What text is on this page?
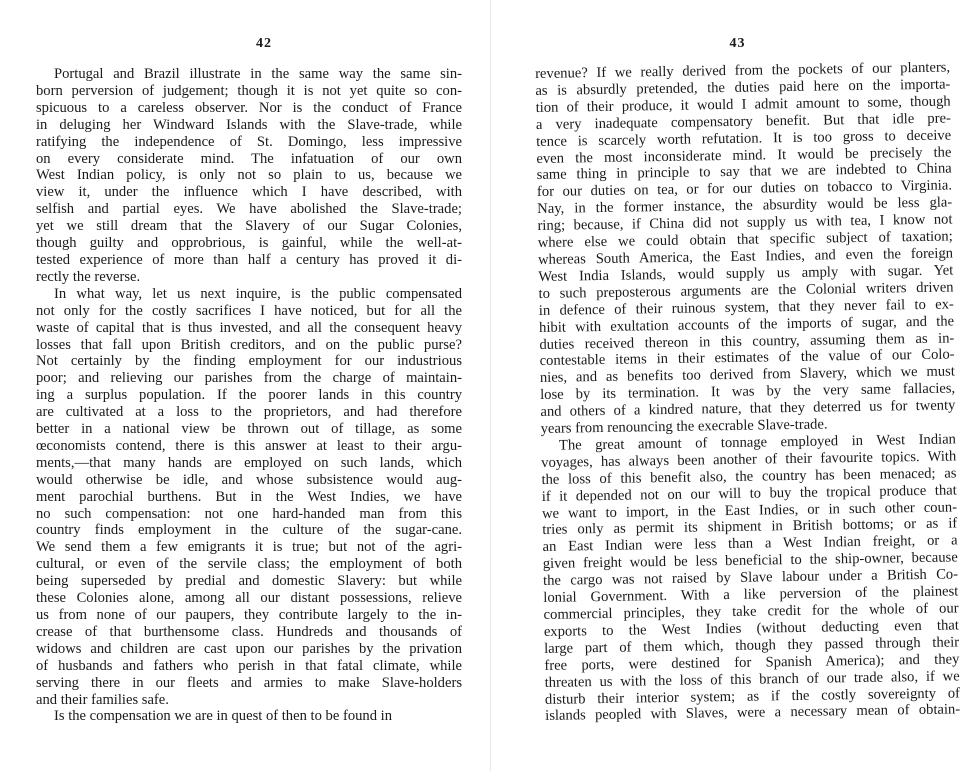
42
Portugal and Brazil illustrate in the same way the same sin-
born perversion of judgement; though it is not yet quite so con-
spicuous to a careless observer. Nor is the conduct of France
in deluging her Windward Islands with the Slave-trade, while
ratifying the independence of St. Domingo, less impressive
on every considerate mind. The infatuation of our own
West Indian policy, is only not so plain to us, because we
view it, under the influence which I have described, with
selfish and partial eyes. We have abolished the Slave-trade;
yet we still dream that the Slavery of our Sugar Colonies,
though guilty and opprobrious, is gainful, while the well-at-
tested experience of more than half a century has proved it di-
rectly the reverse.
In what way, let us next inquire, is the public compensated
not only for the costly sacrifices I have noticed, but for all the
waste of capital that is thus invested, and all the consequent heavy
losses that fall upon British creditors, and on the public purse?
Not certainly by the finding employment for our industrious
poor; and relieving our parishes from the charge of maintain-
ing a surplus population. If the poorer lands in this country
are cultivated at a loss to the proprietors, and had therefore
better in a national view be thrown out of tillage, as some
œconomists contend, there is this answer at least to their argu-
ments,—that many hands are employed on such lands, which
would otherwise be idle, and whose subsistence would aug-
ment parochial burthens. But in the West Indies, we have
no such compensation: not one hard-handed man from this
country finds employment in the culture of the sugar-cane.
We send them a few emigrants it is true; but not of the agri-
cultural, or even of the servile class; the employment of both
being superseded by predial and domestic Slavery: but while
these Colonies alone, among all our distant possessions, relieve
us from none of our paupers, they contribute largely to the in-
crease of that burthensome class. Hundreds and thousands of
widows and children are cast upon our parishes by the privation
of husbands and fathers who perish in that fatal climate, while
serving there in our fleets and armies to make Slave-holders
and their families safe.
Is the compensation we are in quest of then to be found in
43
revenue? If we really derived from the pockets of our planters,
as is absurdly pretended, the duties paid here on the importa-
tion of their produce, it would I admit amount to some, though
a very inadequate compensatory benefit. But that idle pre-
tence is scarcely worth refutation. It is too gross to deceive
even the most inconsiderate mind. It would be precisely the
same thing in principle to say that we are indebted to China
for our duties on tea, or for our duties on tobacco to Virginia.
Nay, in the former instance, the absurdity would be less gla-
ring; because, if China did not supply us with tea, I know not
where else we could obtain that specific subject of taxation;
whereas South America, the East Indies, and even the foreign
West India Islands, would supply us amply with sugar. Yet
to such preposterous arguments are the Colonial writers driven
in defence of their ruinous system, that they never fail to ex-
hibit with exultation accounts of the imports of sugar, and the
duties received thereon in this country, assuming them as in-
contestable items in their estimates of the value of our Colo-
nies, and as benefits too derived from Slavery, which we must
lose by its termination. It was by the very same fallacies,
and others of a kindred nature, that they deterred us for twenty
years from renouncing the execrable Slave-trade.
The great amount of tonnage employed in West Indian
voyages, has always been another of their favourite topics. With
the loss of this benefit also, the country has been menaced; as
if it depended not on our will to buy the tropical produce that
we want to import, in the East Indies, or in such other coun-
tries only as permit its shipment in British bottoms; or as if
an East Indian were less than a West Indian freight, or a
given freight would be less beneficial to the ship-owner, because
the cargo was not raised by Slave labour under a British Co-
lonial Government. With a like perversion of the plainest
commercial principles, they take credit for the whole of our
exports to the West Indies (without deducting even that
large part of them which, though they passed through their
free ports, were destined for Spanish America); and they
threaten us with the loss of this branch of our trade also, if we
disturb their interior system; as if the costly sovereignty of
islands peopled with Slaves, were a necessary mean of obtain-
